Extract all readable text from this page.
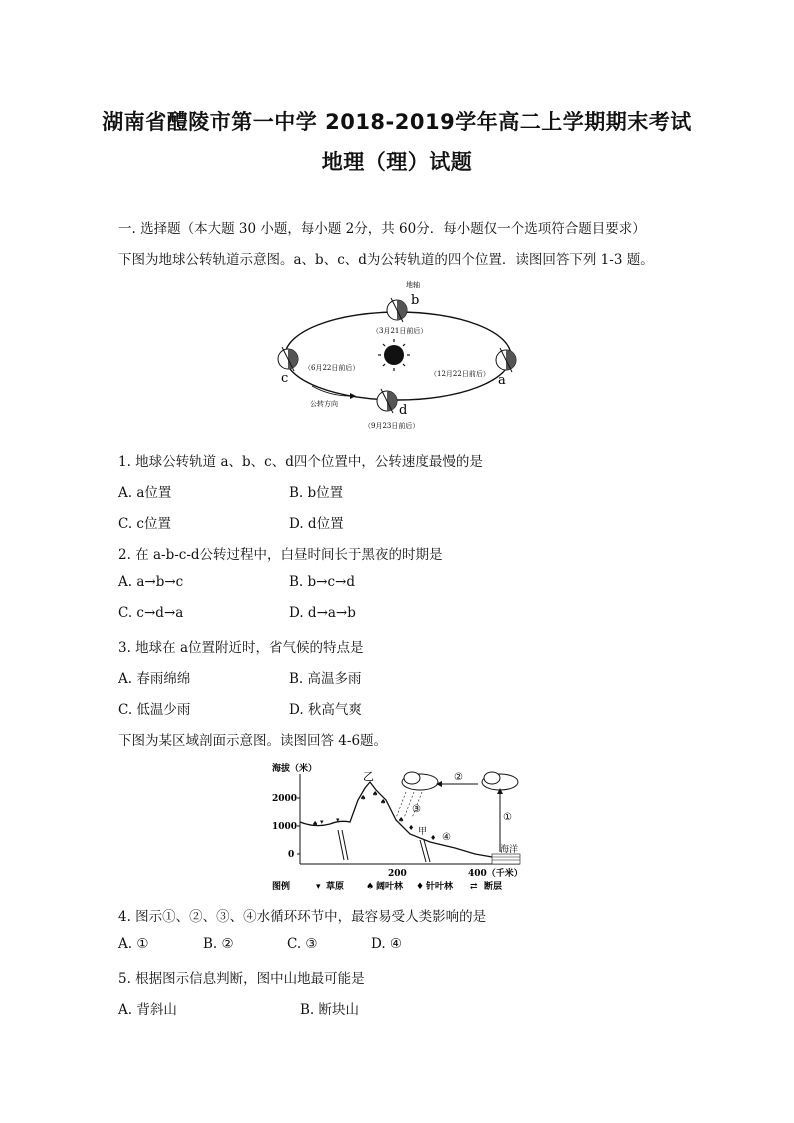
湖南省醴陵市第一中学 2018-2019学年高二上学期期末考试
地理（理）试题
一. 选择题（本大题 30 小题，每小题 2分，共 60分．每小题仅一个选项符合题目要求）
下图为地球公转轨道示意图。a、b、c、d为公转轨道的四个位置．读图回答下列 1-3 题。
地轴
b
（3月21日前后）
c
（6月22日前后）
a
（12月22日前后）
d
（9月23日前后）
公转方向
1. 地球公转轨道 a、b、c、d四个位置中，公转速度最慢的是
A. a位置	B. b位置
C. c位置	D. d位置
2. 在 a-b-c-d公转过程中，白昼时间长于黑夜的时期是
A. a→b→c	B. b→c→d
C. c→d→a	D. d→a→b
3. 地球在 a位置附近时，省气候的特点是
A. 春雨绵绵	B. 高温多雨
C. 低温少雨	D. 秋高气爽
下图为某区域剖面示意图。读图回答 4-6题。
海拔（米）
2000
1000
0
200	400（千米）
海洋
乙
甲
♠	▾
▾
♠ ♠
♠
♠
♦
♦
①
②
③
④
图例	▾ 草原 ♠ 阔叶林 ♦ 针叶林 ⇄ 断层
4. 图示①、②、③、④水循环环节中，最容易受人类影响的是
A. ①	B. ②	C. ③	D. ④
5. 根据图示信息判断，图中山地最可能是
A. 背斜山	B. 断块山
